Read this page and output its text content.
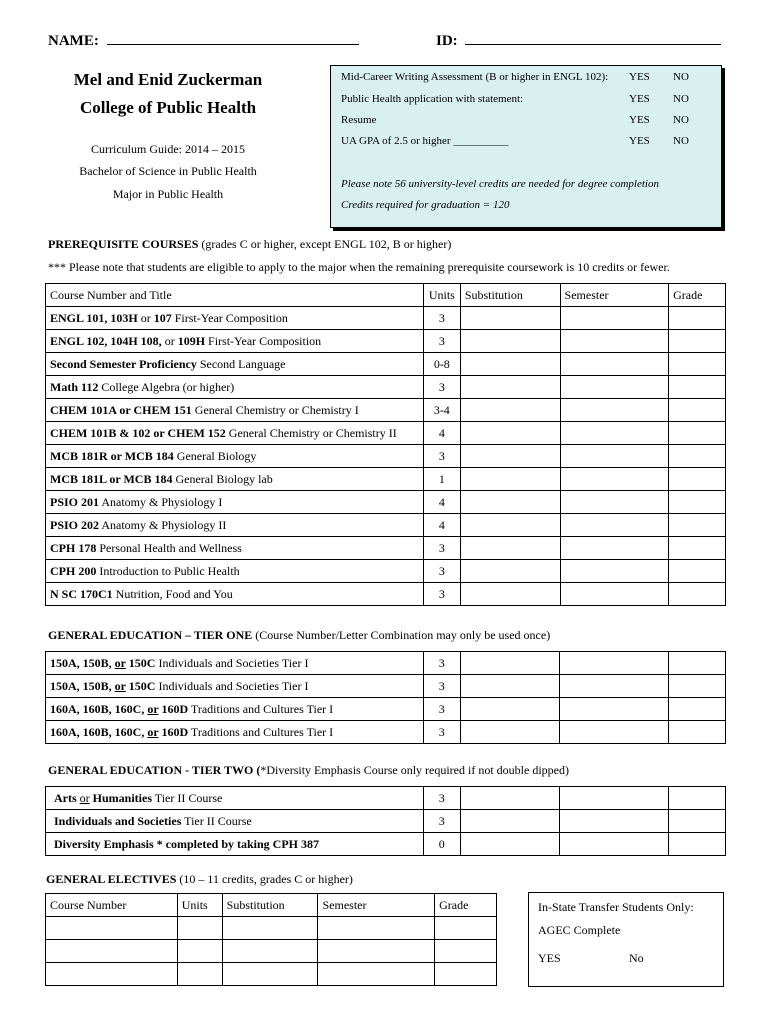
NAME:	ID:
Mel and Enid Zuckerman
College of Public Health
Curriculum Guide: 2014 – 2015
Bachelor of Science in Public Health
Major in Public Health
Mid-Career Writing Assessment (B or higher in ENGL 102): YES NO
Public Health application with statement:	YES NO
Resume	YES NO
UA GPA of 2.5 or higher __________	YES NO
Please note 56 university-level credits are needed for degree completion
Credits required for graduation = 120
PREREQUISITE COURSES (grades C or higher, except ENGL 102, B or higher)
*** Please note that students are eligible to apply to the major when the remaining prerequisite coursework is 10 credits or fewer.
Course Number and Title	Units	Substitution	Semester	Grade
ENGL 101, 103H or 107 First-Year Composition	3			
ENGL 102, 104H 108, or 109H First-Year Composition	3			
Second Semester Proficiency Second Language	0-8			
Math 112 College Algebra (or higher)	3			
CHEM 101A or CHEM 151 General Chemistry or Chemistry I	3-4			
CHEM 101B & 102 or CHEM 152 General Chemistry or Chemistry II	4			
MCB 181R or MCB 184 General Biology	3			
MCB 181L or MCB 184 General Biology lab	1			
PSIO 201 Anatomy & Physiology I	4			
PSIO 202 Anatomy & Physiology II	4			
CPH 178 Personal Health and Wellness	3			
CPH 200 Introduction to Public Health	3			
N SC 170C1 Nutrition, Food and You	3			
GENERAL EDUCATION – TIER ONE (Course Number/Letter Combination may only be used once)
150A, 150B, or 150C Individuals and Societies Tier I	3			
150A, 150B, or 150C Individuals and Societies Tier I	3			
160A, 160B, 160C, or 160D Traditions and Cultures Tier I	3			
160A, 160B, 160C, or 160D Traditions and Cultures Tier I	3			
GENERAL EDUCATION - TIER TWO (*Diversity Emphasis Course only required if not double dipped)
Arts or Humanities Tier II Course	3			
Individuals and Societies Tier II Course	3			
Diversity Emphasis * completed by taking CPH 387	0			
GENERAL ELECTIVES (10 – 11 credits, grades C or higher)
Course Number	Units	Substitution	Semester	Grade

					In-State Transfer Students Only:
AGEC Complete
YES	No
